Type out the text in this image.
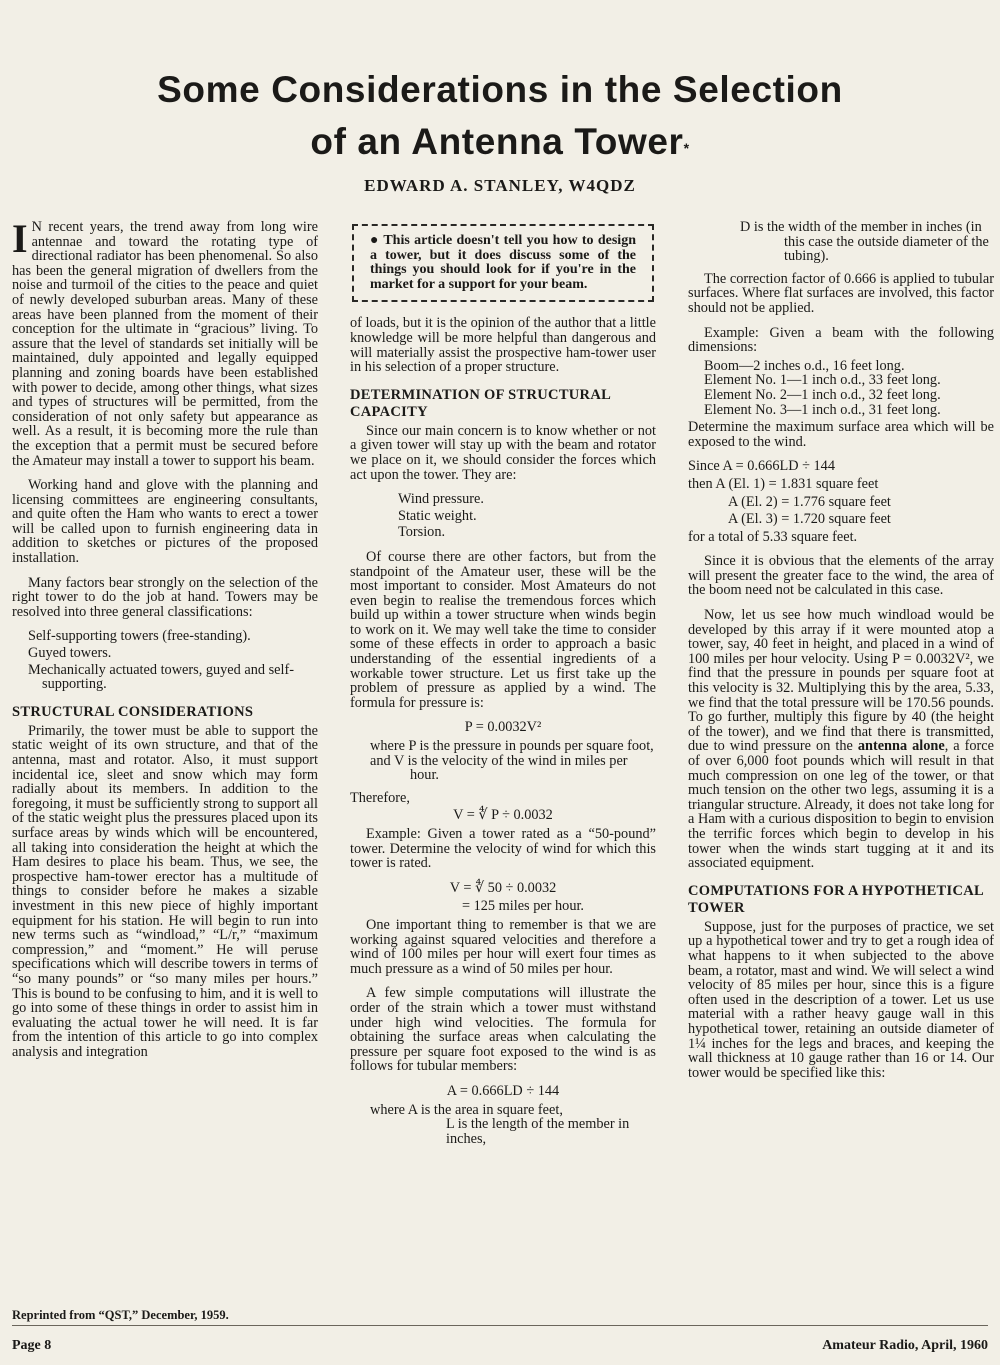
Some Considerations in the Selection
of an Antenna Tower*
EDWARD A. STANLEY, W4QDZ

I N recent years, the trend away from long wire antennae and toward the rotating type of directional radiator has been phenomenal. So also has been the general migration of dwellers from the noise and turmoil of the cities to the peace and quiet of newly developed suburban areas. Many of these areas have been planned from the moment of their conception for the ultimate in “gracious” living. To assure that the level of standards set initially will be maintained, duly appointed and legally equipped planning and zoning boards have been established with power to decide, among other things, what sizes and types of structures will be permitted, from the consideration of not only safety but appearance as well. As a result, it is becoming more the rule than the exception that a permit must be secured before the Amateur may install a tower to support his beam.

Working hand and glove with the planning and licensing committees are engineering consultants, and quite often the Ham who wants to erect a tower will be called upon to furnish engineering data in addition to sketches or pictures of the proposed installation.

Many factors bear strongly on the selection of the right tower to do the job at hand. Towers may be resolved into three general classifications:

Self-supporting towers (free-standing).
Guyed towers.
Mechanically actuated towers, guyed and self-supporting.
STRUCTURAL CONSIDERATIONS

Primarily, the tower must be able to support the static weight of its own structure, and that of the antenna, mast and rotator. Also, it must support incidental ice, sleet and snow which may form radially about its members. In addition to the foregoing, it must be sufficiently strong to support all of the static weight plus the pressures placed upon its surface areas by winds which will be encountered, all taking into consideration the height at which the Ham desires to place his beam. Thus, we see, the prospective ham-tower erector has a multitude of things to consider before he makes a sizable investment in this new piece of highly important equipment for his station. He will begin to run into new terms such as “windload,” “L/r,” “maximum compression,” and “moment.” He will peruse specifications which will describe towers in terms of “so many pounds” or “so many miles per hours.” This is bound to be confusing to him, and it is well to go into some of these things in order to assist him in evaluating the actual tower he will need. It is far from the intention of this article to go into complex analysis and integration

● This article doesn't tell you how to design a tower, but it does discuss some of the things you should look for if you're in the market for a support for your beam.

of loads, but it is the opinion of the author that a little knowledge will be more helpful than dangerous and will materially assist the prospective ham-tower user in his selection of a proper structure.

DETERMINATION OF STRUCTURAL CAPACITY

Since our main concern is to know whether or not a given tower will stay up with the beam and rotator we place on it, we should consider the forces which act upon the tower. They are:

Wind pressure.
Static weight.
Torsion.

Of course there are other factors, but from the standpoint of the Amateur user, these will be the most important to consider. Most Amateurs do not even begin to realise the tremendous forces which build up within a tower structure when winds begin to work on it. We may well take the time to consider some of these effects in order to approach a basic understanding of the essential ingredients of a workable tower structure. Let us first take up the problem of pressure as applied by a wind. The formula for pressure is:

P = 0.0032V²
where P is the pressure in pounds per square foot,
and V is the velocity of the wind in miles per hour.
Therefore,
V = ∜ P ÷ 0.0032

Example: Given a tower rated as a “50-pound” tower. Determine the velocity of wind for which this tower is rated.

V = ∜ 50 ÷ 0.0032
= 125 miles per hour.

One important thing to remember is that we are working against squared velocities and therefore a wind of 100 miles per hour will exert four times as much pressure as a wind of 50 miles per hour.

A few simple computations will illustrate the order of the strain which a tower must withstand under high wind velocities. The formula for obtaining the surface areas when calculating the pressure per square foot exposed to the wind is as follows for tubular members:

A = 0.666LD ÷ 144
where A is the area in square feet,
L is the length of the member in inches,
D is the width of the member in inches (in this case the outside diameter of the tubing).

The correction factor of 0.666 is applied to tubular surfaces. Where flat surfaces are involved, this factor should not be applied.

Example: Given a beam with the following dimensions:

Boom—2 inches o.d., 16 feet long.
Element No. 1—1 inch o.d., 33 feet long.
Element No. 2—1 inch o.d., 32 feet long.
Element No. 3—1 inch o.d., 31 feet long.

Determine the maximum surface area which will be exposed to the wind.

Since A = 0.666LD ÷ 144
then A (El. 1) = 1.831 square feet
A (El. 2) = 1.776 square feet
A (El. 3) = 1.720 square feet
for a total of 5.33 square feet.

Since it is obvious that the elements of the array will present the greater face to the wind, the area of the boom need not be calculated in this case.

Now, let us see how much windload would be developed by this array if it were mounted atop a tower, say, 40 feet in height, and placed in a wind of 100 miles per hour velocity. Using P = 0.0032V², we find that the pressure in pounds per square foot at this velocity is 32. Multiplying this by the area, 5.33, we find that the total pressure will be 170.56 pounds. To go further, multiply this figure by 40 (the height of the tower), and we find that there is transmitted, due to wind pressure on the antenna alone, a force of over 6,000 foot pounds which will result in that much compression on one leg of the tower, or that much tension on the other two legs, assuming it is a triangular structure. Already, it does not take long for a Ham with a curious disposition to begin to envision the terrific forces which begin to develop in his tower when the winds start tugging at it and its associated equipment.

COMPUTATIONS FOR A HYPOTHETICAL TOWER

Suppose, just for the purposes of practice, we set up a hypothetical tower and try to get a rough idea of what happens to it when subjected to the above beam, a rotator, mast and wind. We will select a wind velocity of 85 miles per hour, since this is a figure often used in the description of a tower. Let us use material with a rather heavy gauge wall in this hypothetical tower, retaining an outside diameter of 1¼ inches for the legs and braces, and keeping the wall thickness at 10 gauge rather than 16 or 14. Our tower would be specified like this:

Reprinted from “QST,” December, 1959.
Page 8	Amateur Radio, April, 1960
